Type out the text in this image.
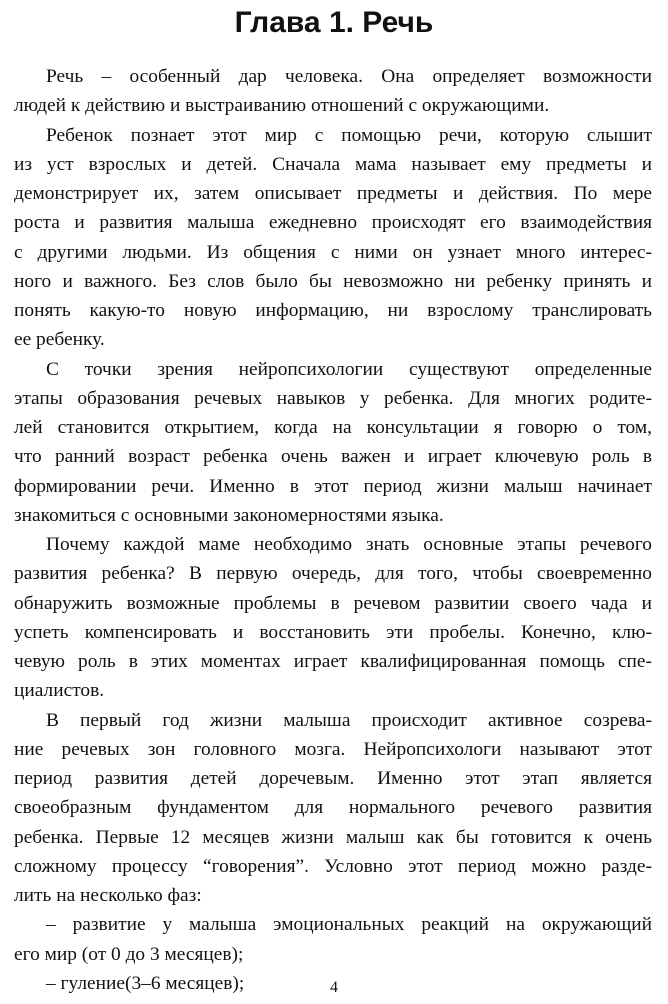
Глава 1. Речь
Речь – особенный дар человека. Она определяет возможности
людей к действию и выстраиванию отношений с окружающими.
Ребенок познает этот мир с помощью речи, которую слышит
из уст взрослых и детей. Сначала мама называет ему предметы и
демонстрирует их, затем описывает предметы и действия. По мере
роста и развития малыша ежедневно происходят его взаимодействия
с другими людьми. Из общения с ними он узнает много интерес-
ного и важного. Без слов было бы невозможно ни ребенку принять и
понять какую-то новую информацию, ни взрослому транслировать
ее ребенку.
С точки зрения нейропсихологии существуют определенные
этапы образования речевых навыков у ребенка. Для многих родите-
лей становится открытием, когда на консультации я говорю о том,
что ранний возраст ребенка очень важен и играет ключевую роль в
формировании речи. Именно в этот период жизни малыш начинает
знакомиться с основными закономерностями языка.
Почему каждой маме необходимо знать основные этапы речевого
развития ребенка? В первую очередь, для того, чтобы своевременно
обнаружить возможные проблемы в речевом развитии своего чада и
успеть компенсировать и восстановить эти пробелы. Конечно, клю-
чевую роль в этих моментах играет квалифицированная помощь спе-
циалистов.
В первый год жизни малыша происходит активное созрева-
ние речевых зон головного мозга. Нейропсихологи называют этот
период развития детей доречевым. Именно этот этап является
своеобразным фундаментом для нормального речевого развития
ребенка. Первые 12 месяцев жизни малыш как бы готовится к очень
сложному процессу “говорения”. Условно этот период можно разде-
лить на несколько фаз:
– развитие у малыша эмоциональных реакций на окружающий
его мир (от 0 до 3 месяцев);
– гуление(3–6 месяцев);	4
